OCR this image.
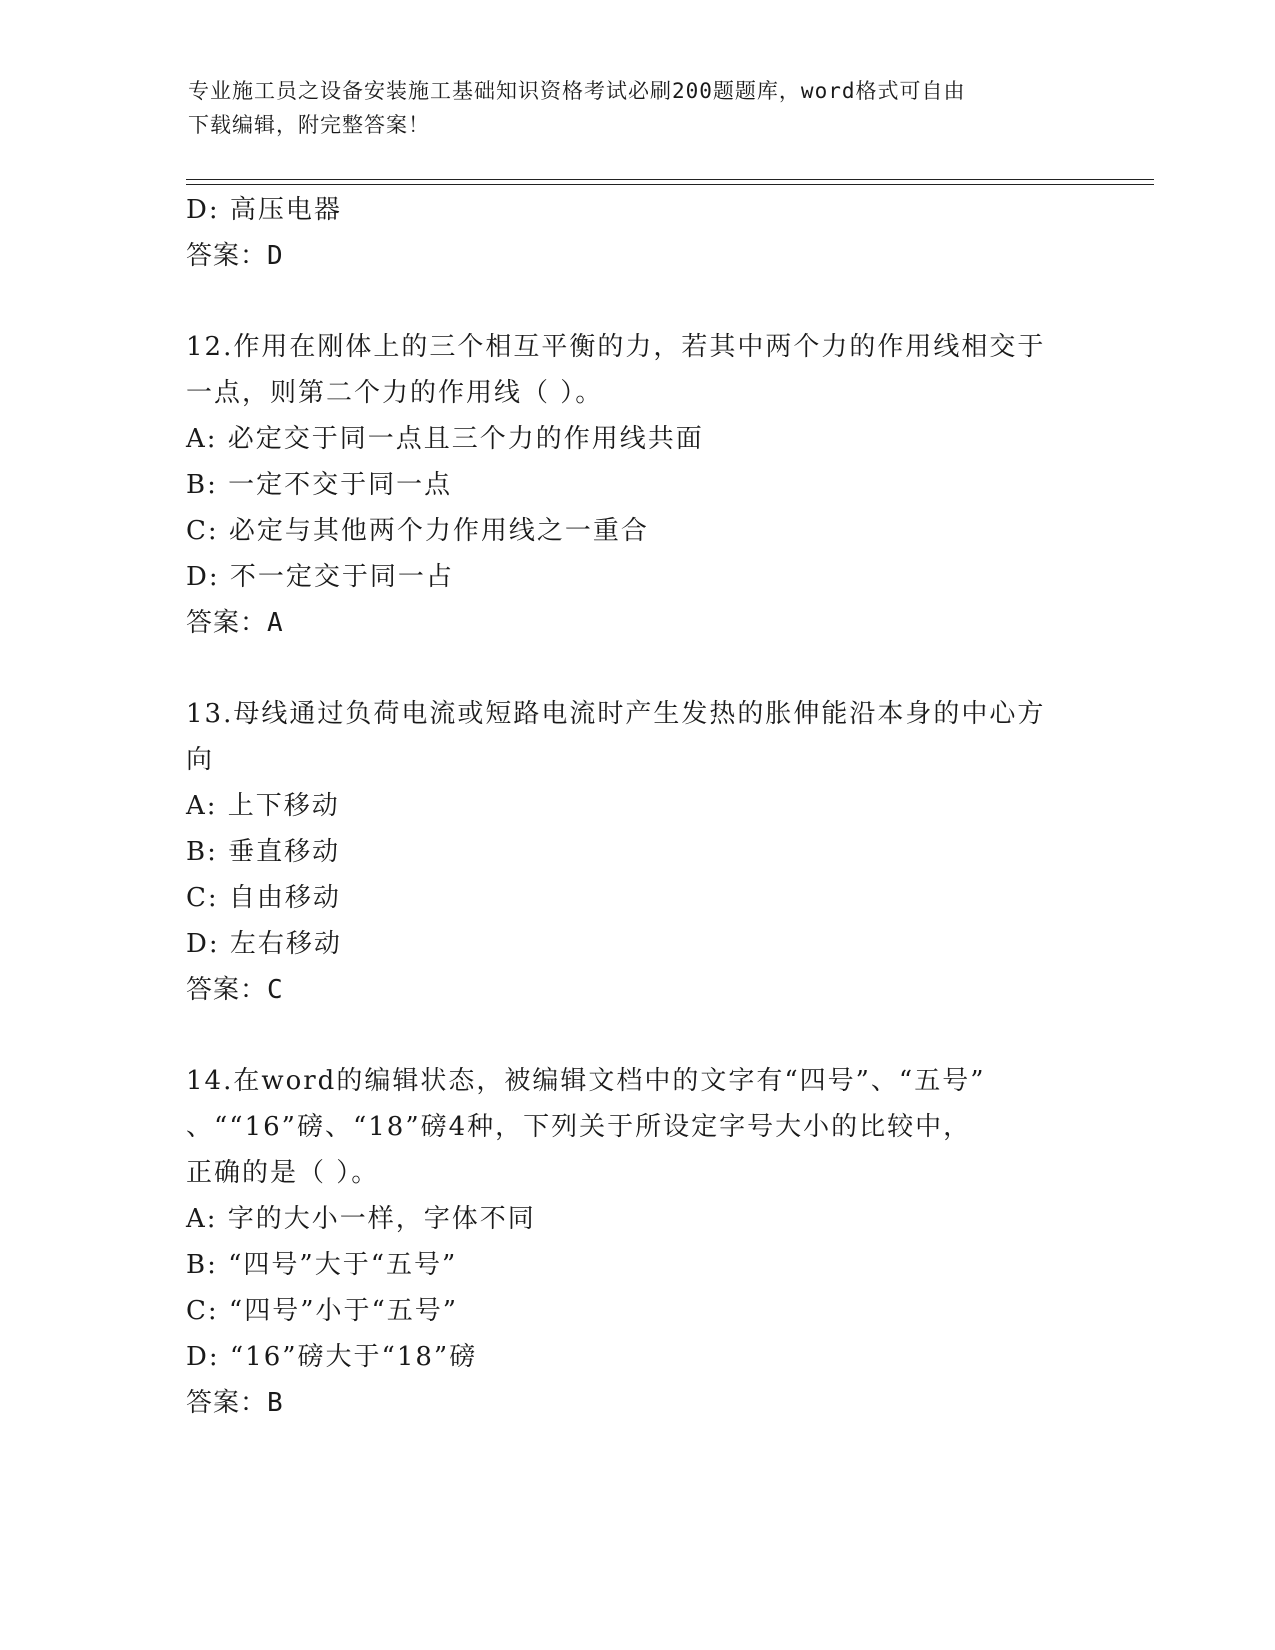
专业施工员之设备安装施工基础知识资格考试必刷200题题库，word格式可自由
下载编辑，附完整答案！
D: 高压电器
答案：D
12.作用在刚体上的三个相互平衡的力，若其中两个力的作用线相交于
一点，则第二个力的作用线（ ）。
A: 必定交于同一点且三个力的作用线共面
B: 一定不交于同一点
C: 必定与其他两个力作用线之一重合
D: 不一定交于同一占
答案：A
13.母线通过负荷电流或短路电流时产生发热的胀伸能沿本身的中心方
向
A: 上下移动
B: 垂直移动
C: 自由移动
D: 左右移动
答案：C
14.在word的编辑状态，被编辑文档中的文字有“四号”、“五号”
、““16”磅、“18”磅4种，下列关于所设定字号大小的比较中，
正确的是（ ）。
A: 字的大小一样，字体不同
B: “四号”大于“五号”
C: “四号”小于“五号”
D: “16”磅大于“18”磅
答案：B
